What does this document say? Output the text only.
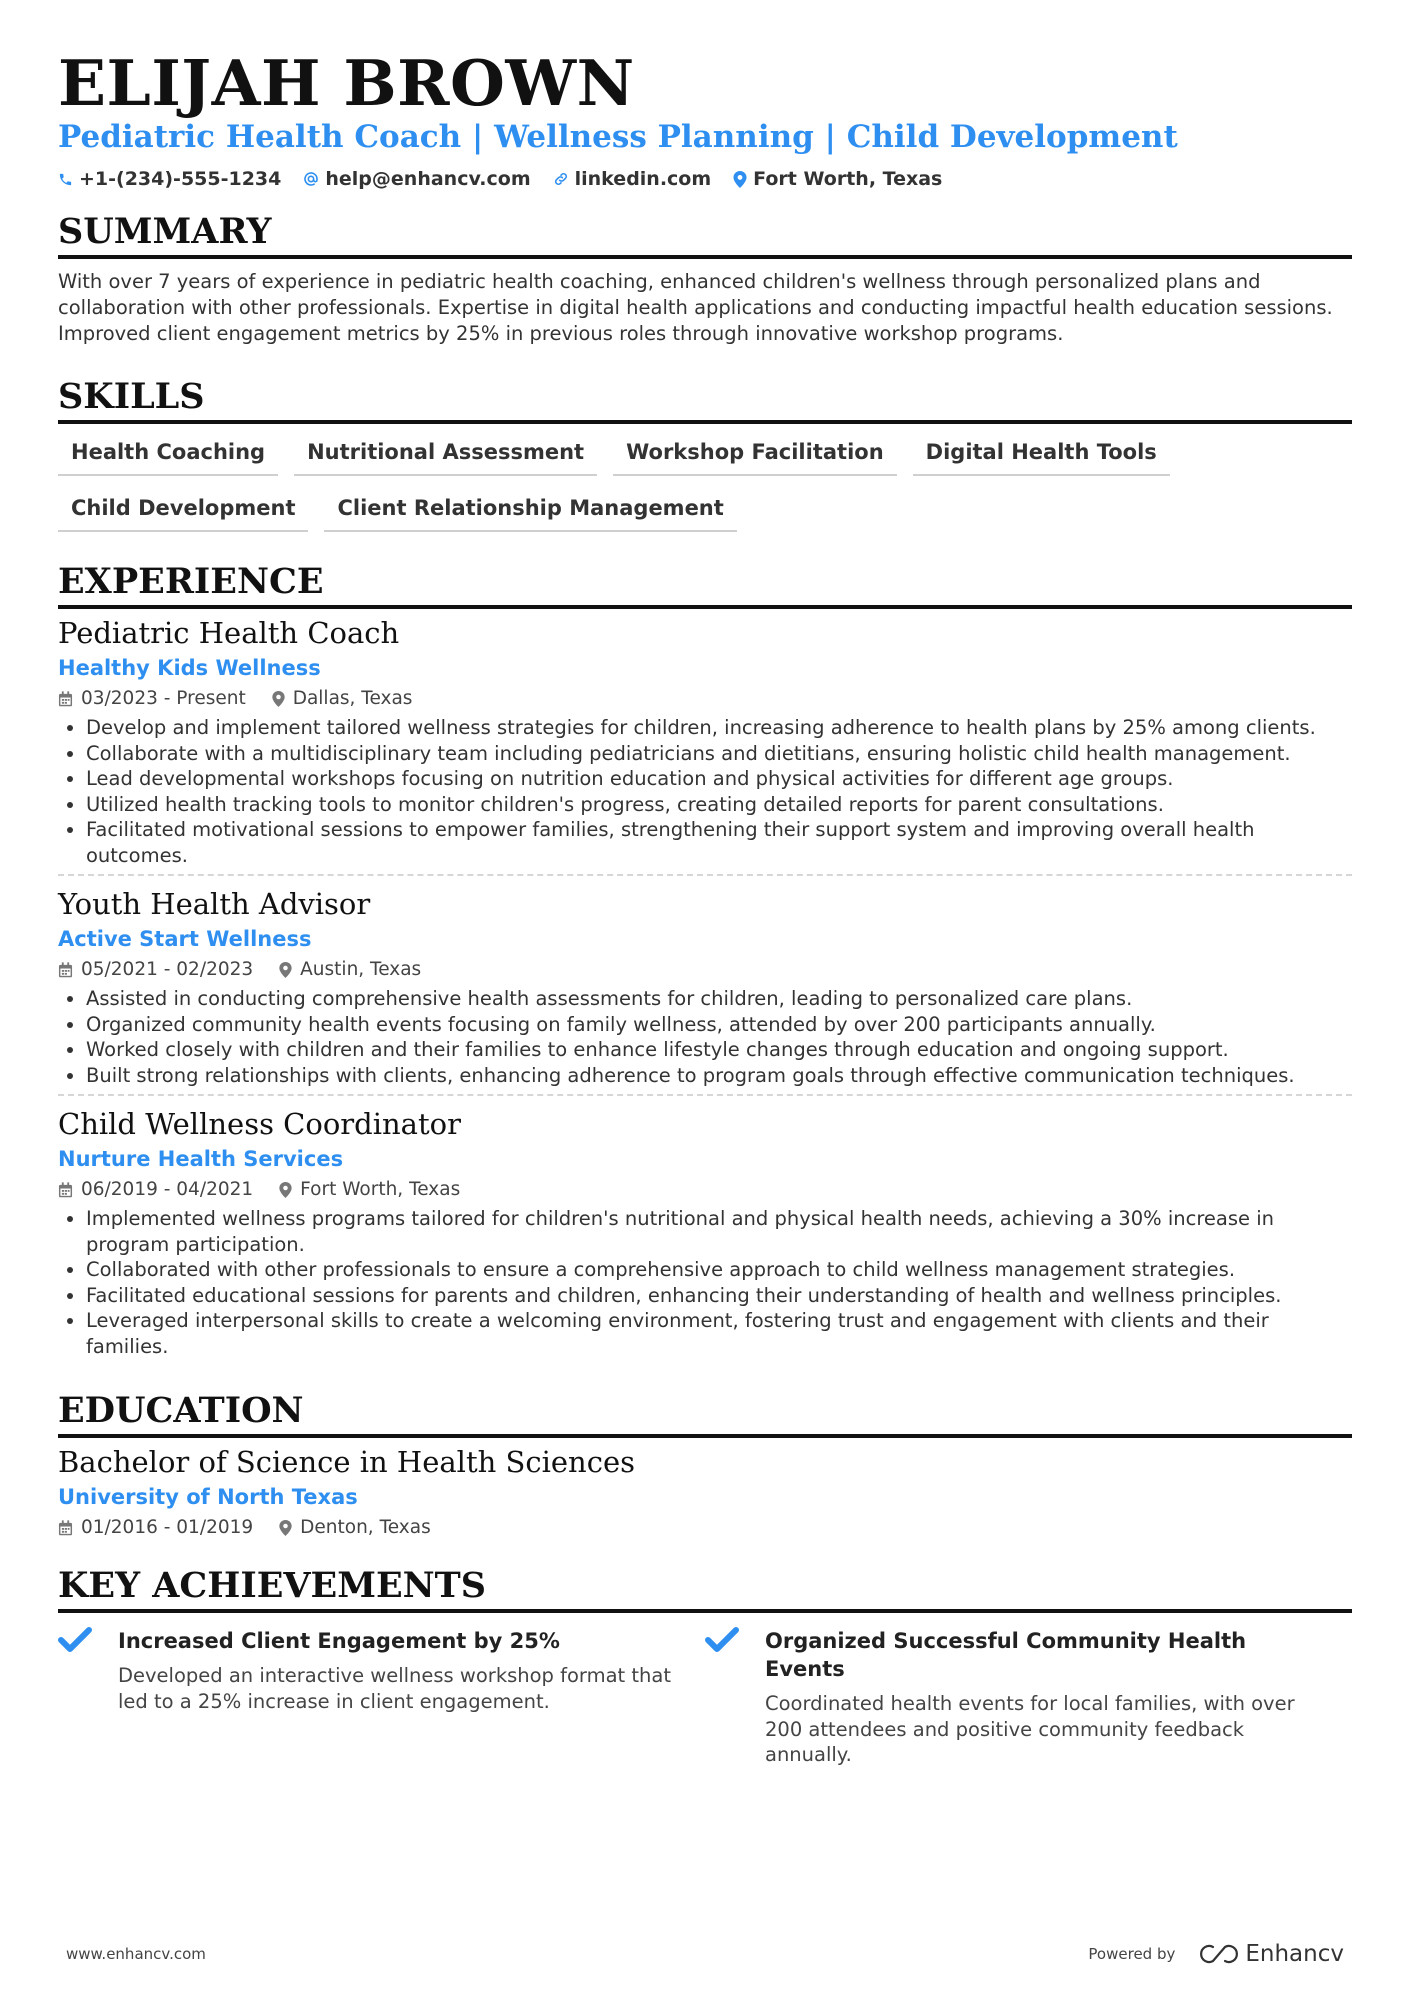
ELIJAH BROWN
Pediatric Health Coach | Wellness Planning | Child Development
+1-(234)-555-1234 help@enhancv.com linkedin.com Fort Worth, Texas
SUMMARY
With over 7 years of experience in pediatric health coaching, enhanced children's wellness through personalized plans and collaboration with other professionals. Expertise in digital health applications and conducting impactful health education sessions. Improved client engagement metrics by 25% in previous roles through innovative workshop programs.
SKILLS
Health Coaching	Nutritional Assessment	Workshop Facilitation	Digital Health Tools
Child Development	Client Relationship Management
EXPERIENCE
Pediatric Health Coach
Healthy Kids Wellness
03/2023 - Present	Dallas, Texas
• Develop and implement tailored wellness strategies for children, increasing adherence to health plans by 25% among clients.
• Collaborate with a multidisciplinary team including pediatricians and dietitians, ensuring holistic child health management.
• Lead developmental workshops focusing on nutrition education and physical activities for different age groups.
• Utilized health tracking tools to monitor children's progress, creating detailed reports for parent consultations.
• Facilitated motivational sessions to empower families, strengthening their support system and improving overall health outcomes.
Youth Health Advisor
Active Start Wellness
05/2021 - 02/2023	Austin, Texas
• Assisted in conducting comprehensive health assessments for children, leading to personalized care plans.
• Organized community health events focusing on family wellness, attended by over 200 participants annually.
• Worked closely with children and their families to enhance lifestyle changes through education and ongoing support.
• Built strong relationships with clients, enhancing adherence to program goals through effective communication techniques.
Child Wellness Coordinator
Nurture Health Services
06/2019 - 04/2021	Fort Worth, Texas
• Implemented wellness programs tailored for children's nutritional and physical health needs, achieving a 30% increase in program participation.
• Collaborated with other professionals to ensure a comprehensive approach to child wellness management strategies.
• Facilitated educational sessions for parents and children, enhancing their understanding of health and wellness principles.
• Leveraged interpersonal skills to create a welcoming environment, fostering trust and engagement with clients and their families.
EDUCATION
Bachelor of Science in Health Sciences
University of North Texas
01/2016 - 01/2019	Denton, Texas
KEY ACHIEVEMENTS
Increased Client Engagement by 25%
Developed an interactive wellness workshop format that led to a 25% increase in client engagement.
Organized Successful Community Health Events
Coordinated health events for local families, with over 200 attendees and positive community feedback annually.
www.enhancv.com	Powered by	Enhancv
